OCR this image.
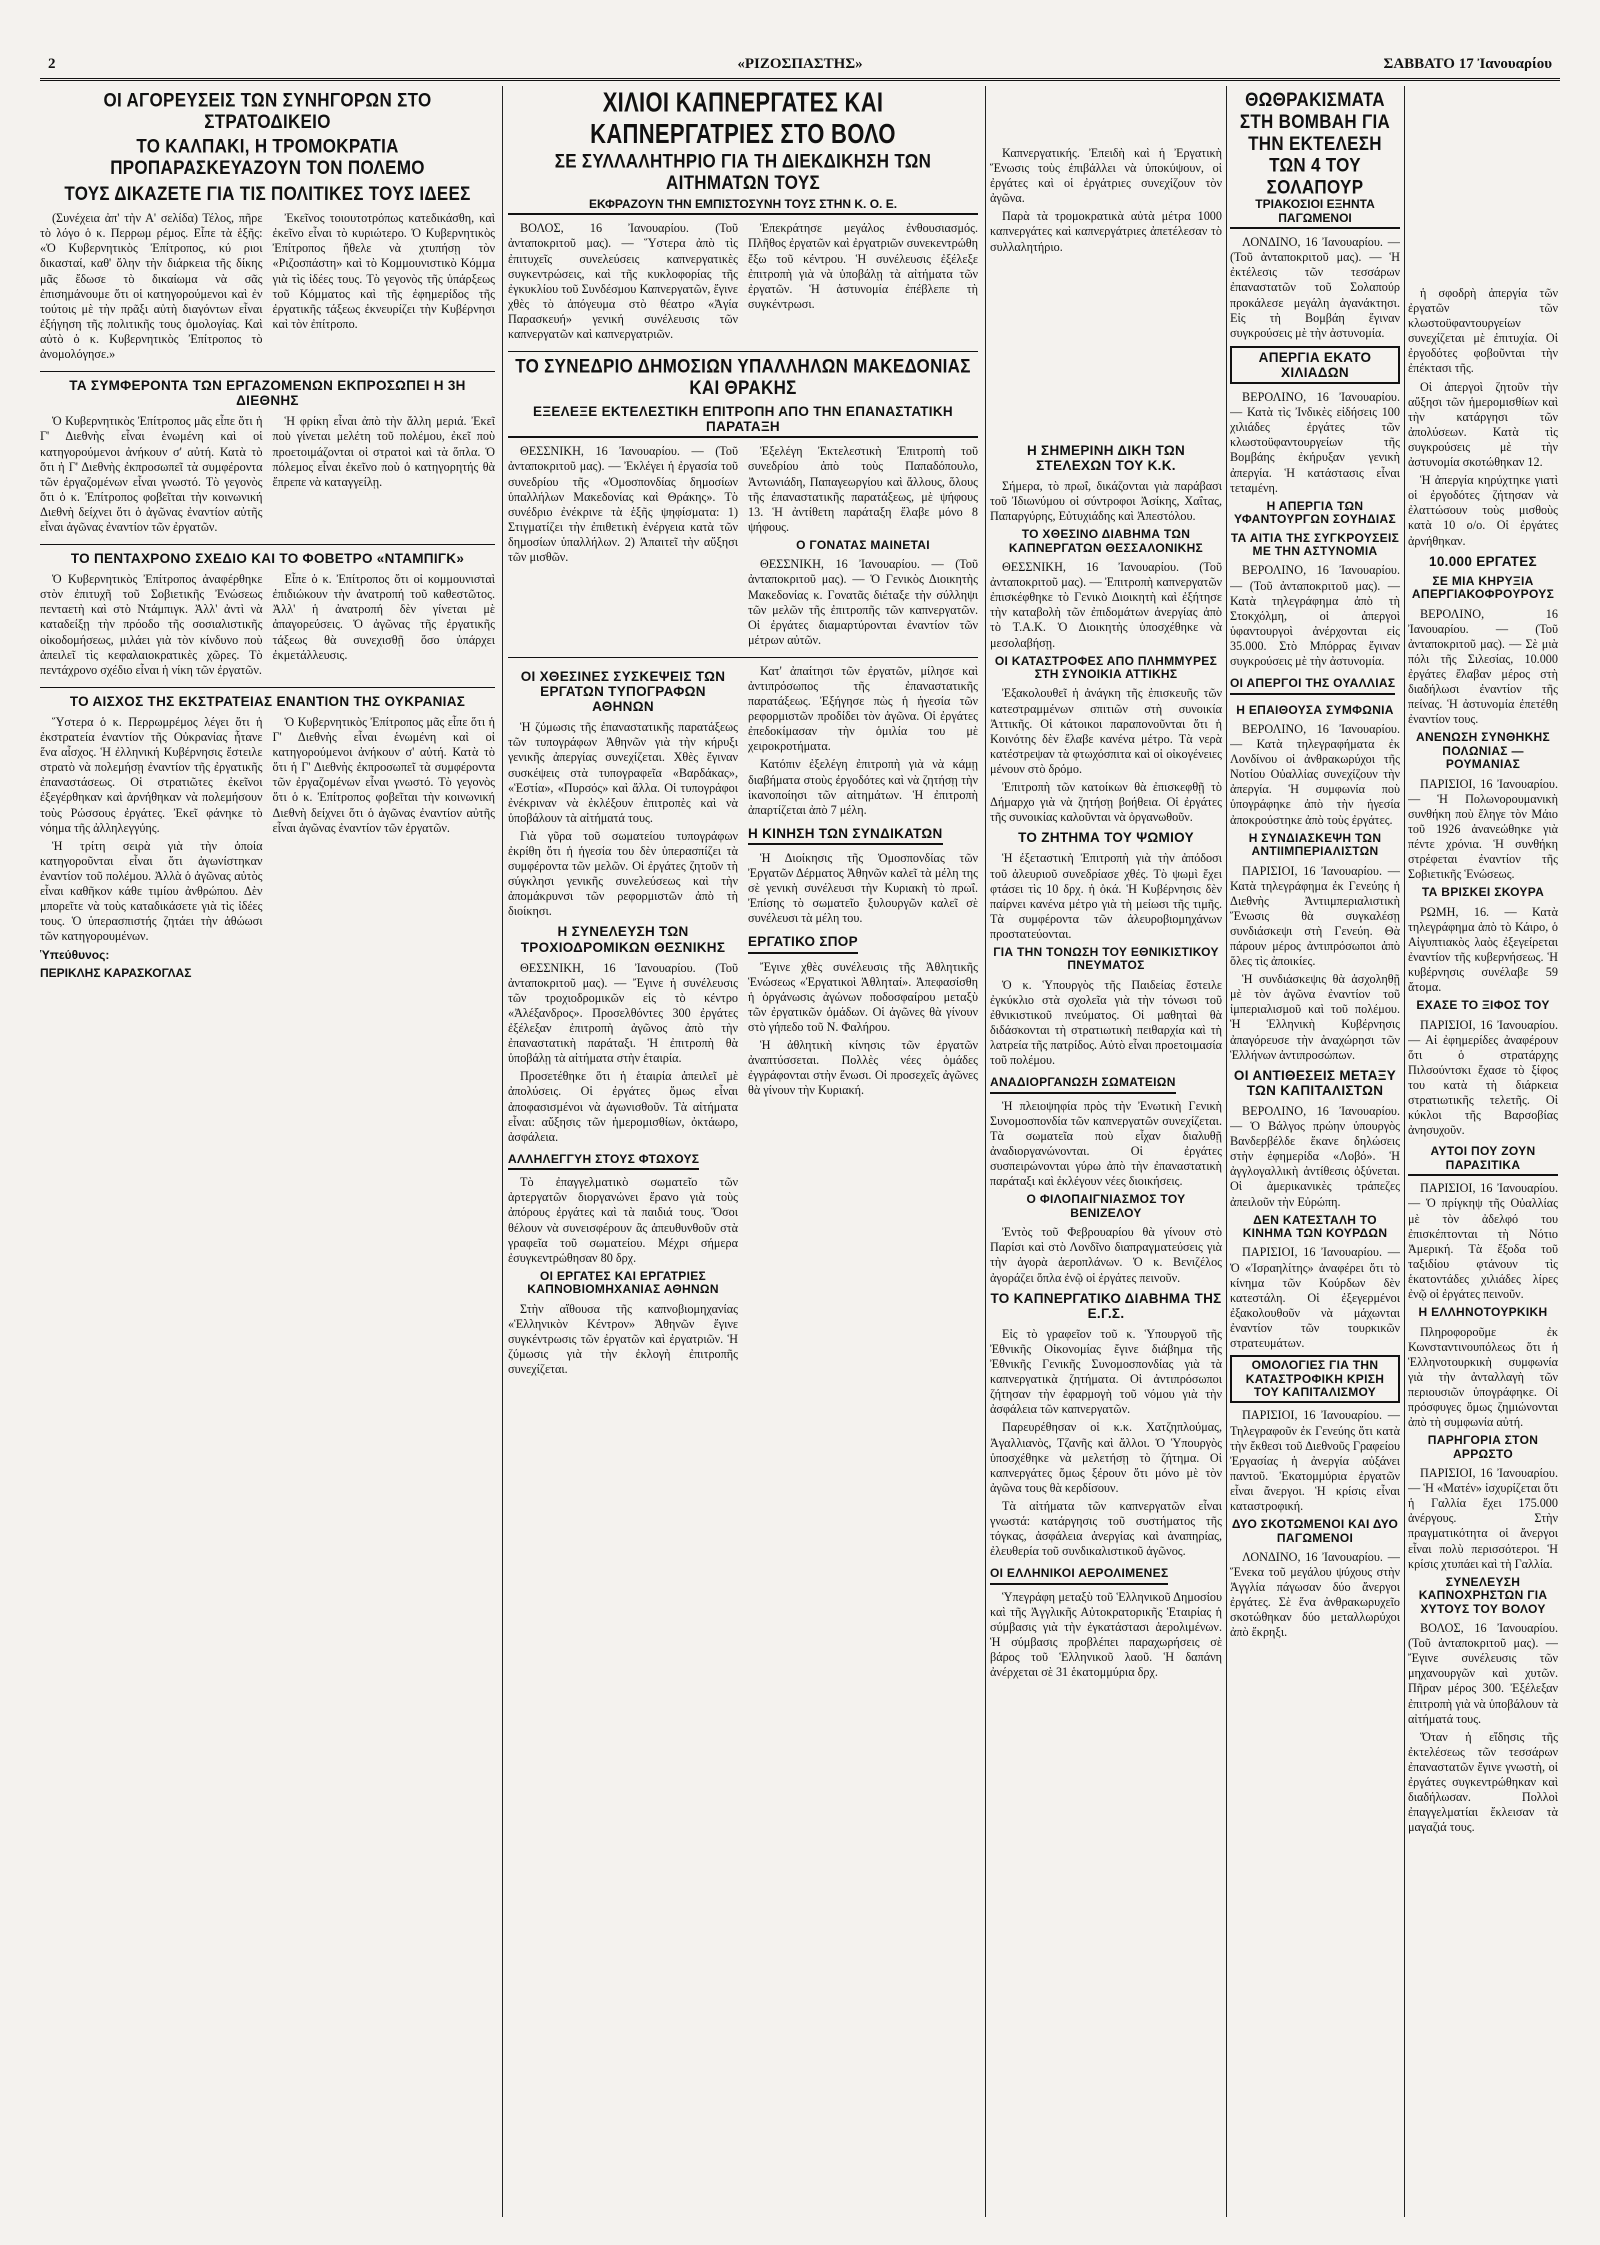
2	«ΡΙΖΟΣΠΑΣΤΗΣ»	ΣΑΒΒΑΤΟ 17 Ἰανουαρίου
ΟΙ ΑΓΟΡΕΥΣΕΙΣ ΤΩΝ ΣΥΝΗΓΟΡΩΝ ΣΤΟ ΣΤΡΑΤΟΔΙΚΕΙΟ
ΤΟ ΚΑΛΠΑΚΙ, Η ΤΡΟΜΟΚΡΑΤΙΑ ΠΡΟΠΑΡΑΣΚΕΥΑΖΟΥΝ ΤΟΝ ΠΟΛΕΜΟ
ΤΟΥΣ ΔΙΚΑΖΕΤΕ ΓΙΑ ΤΙΣ ΠΟΛΙΤΙΚΕΣ ΤΟΥΣ ΙΔΕΕΣ

(Συνέχεια ἀπ' τὴν Α' σελίδα) Τέλος, πῆρε τὸ λόγο ὁ κ. Περρωμ ρέμος. Εἶπε τὰ ἑξῆς: «Ὁ Κυβερνητικὸς Ἐπίτροπος, κύ ριοι δικασταί, καθ' ὅλην τὴν διάρκεια τῆς δίκης μᾶς ἔδωσε τὸ δικαίωμα νὰ σᾶς ἐπισημάνουμε ὅτι οἱ κατηγορούμενοι καὶ ἐν τούτοις μὲ τὴν πρᾶξι αὐτὴ διαγόντων εἶναι ἐξήγηση τῆς πολιτικῆς τους ὁμολογίας. Καὶ αὐτὸ ὁ κ. Κυβερνητικὸς Ἐπίτροπος τὸ ἀνομολόγησε.»

Ἐκεῖνος τοιουτοτρόπως κατεδικάσθη, καὶ ἐκεῖνο εἶναι τὸ κυριώτερο. Ὁ Κυβερνητικὸς Ἐπίτροπος ἤθελε νὰ χτυπήσῃ τὸν «Ριζοσπάστη» καὶ τὸ Κομμουνιστικὸ Κόμμα γιὰ τὶς ἰδέες τους. Τὸ γεγονὸς τῆς ὑπάρξεως τοῦ Κόμματος καὶ τῆς ἐφημερίδος τῆς ἐργατικῆς τάξεως ἐκνευρίζει τὴν Κυβέρνησι καὶ τὸν ἐπίτροπο.

ΤΑ ΣΥΜΦΕΡΟΝΤΑ ΤΩΝ ΕΡΓΑΖΟΜΕΝΩΝ ΕΚΠΡΟΣΩΠΕΙ Η 3Η ΔΙΕΘΝΗΣ

Ὁ Κυβερνητικὸς Ἐπίτροπος μᾶς εἶπε ὅτι ἡ Γ' Διεθνὴς εἶναι ἑνωμένη καὶ οἱ κατηγορούμενοι ἀνήκουν σ' αὐτή. Κατὰ τὸ ὅτι ἡ Γ' Διεθνὴς ἐκπροσωπεῖ τὰ συμφέροντα τῶν ἐργαζομένων εἶναι γνωστό. Τὸ γεγονὸς ὅτι ὁ κ. Ἐπίτροπος φοβεῖται τὴν κοινωνική Διεθνὴ δείχνει ὅτι ὁ ἀγῶνας ἐναντίον αὐτῆς εἶναι ἀγῶνας ἐναντίον τῶν ἐργατῶν.

Ἡ φρίκη εἶναι ἀπὸ τὴν ἄλλη μεριά. Ἐκεῖ ποὺ γίνεται μελέτη τοῦ πολέμου, ἐκεῖ ποὺ προετοιμάζονται οἱ στρατοὶ καὶ τὰ ὅπλα. Ὁ πόλεμος εἶναι ἐκεῖνο ποὺ ὁ κατηγορητής θὰ ἔπρεπε νὰ καταγγείλῃ.

ΤΟ ΠΕΝΤΑΧΡΟΝΟ ΣΧΕΔΙΟ ΚΑΙ ΤΟ ΦΟΒΕΤΡΟ «ΝΤΑΜΠΙΓΚ»

Ὁ Κυβερνητικὸς Ἐπίτροπος ἀναφέρθηκε στὸν ἐπιτυχῆ τοῦ Σοβιετικῆς Ἐνώσεως πενταετὴ καὶ στὸ Ντάμπιγκ. Ἀλλ' ἀντὶ νὰ καταδείξῃ τὴν πρόοδο τῆς σοσιαλιστικῆς οἰκοδομήσεως, μιλάει γιὰ τὸν κίνδυνο ποὺ ἀπειλεῖ τὶς κεφαλαιοκρατικὲς χῶρες. Τὸ πεντάχρονο σχέδιο εἶναι ἡ νίκη τῶν ἐργατῶν.

Εἶπε ὁ κ. Ἐπίτροπος ὅτι οἱ κομμουνισταὶ ἐπιδιώκουν τὴν ἀνατροπή τοῦ καθεστῶτος. Ἀλλ' ἡ ἀνατροπή δὲν γίνεται μὲ ἀπαγορεύσεις. Ὁ ἀγῶνας τῆς ἐργατικῆς τάξεως θὰ συνεχισθῇ ὅσο ὑπάρχει ἐκμετάλλευσις.

ΤΟ ΑΙΣΧΟΣ ΤΗΣ ΕΚΣΤΡΑΤΕΙΑΣ ΕΝΑΝΤΙΟΝ ΤΗΣ ΟΥΚΡΑΝΙΑΣ

Ὕστερα ὁ κ. Περρωμρέμος λέγει ὅτι ἡ ἐκστρατεία ἐναντίον τῆς Οὐκρανίας ἦτανε ἕνα αἶσχος. Ἡ ἐλληνική Κυβέρνησις ἔστειλε στρατὸ νὰ πολεμήσῃ ἐναντίον τῆς ἐργατικῆς ἐπαναστάσεως. Οἱ στρατιῶτες ἐκεῖνοι ἐξεγέρθηκαν καὶ ἀρνήθηκαν νὰ πολεμήσουν τοὺς Ρώσσους ἐργάτες. Ἐκεῖ φάνηκε τὸ νόημα τῆς ἀλληλεγγύης.

Ἡ τρίτη σειρὰ γιὰ τὴν ὁποία κατηγοροῦνται εἶναι ὅτι ἀγωνίστηκαν ἐναντίον τοῦ πολέμου. Ἀλλὰ ὁ ἀγῶνας αὐτὸς εἶναι καθῆκον κάθε τιμίου ἀνθρώπου. Δὲν μπορεῖτε νὰ τοὺς καταδικάσετε γιὰ τὶς ἰδέες τους. Ὁ ὑπερασπιστής ζητάει τὴν ἀθώωσι τῶν κατηγορουμένων.

Ὑπεύθυνος:
ΠΕΡΙΚΛΗΣ ΚΑΡΑΣΚΟΓΛΑΣ

Ὁ Κυβερνητικὸς Ἐπίτροπος μᾶς εἶπε ὅτι ἡ Γ' Διεθνὴς εἶναι ἑνωμένη καὶ οἱ κατηγορούμενοι ἀνήκουν σ' αὐτή. Κατὰ τὸ ὅτι ἡ Γ' Διεθνὴς ἐκπροσωπεῖ τὰ συμφέροντα τῶν ἐργαζομένων εἶναι γνωστό. Τὸ γεγονὸς ὅτι ὁ κ. Ἐπίτροπος φοβεῖται τὴν κοινωνική Διεθνὴ δείχνει ὅτι ὁ ἀγῶνας ἐναντίον αὐτῆς εἶναι ἀγῶνας ἐναντίον τῶν ἐργατῶν.

ΧΙΛΙΟΙ ΚΑΠΝΕΡΓΑΤΕΣ ΚΑΙ ΚΑΠΝΕΡΓΑΤΡΙΕΣ ΣΤΟ ΒΟΛΟ
ΣΕ ΣΥΛΛΑΛΗΤΗΡΙΟ ΓΙΑ ΤΗ ΔΙΕΚΔΙΚΗΣΗ ΤΩΝ ΑΙΤΗΜΑΤΩΝ ΤΟΥΣ
ΕΚΦΡΑΖΟΥΝ ΤΗΝ ΕΜΠΙΣΤΟΣΥΝΗ ΤΟΥΣ ΣΤΗΝ Κ. Ο. Ε.

ΒΟΛΟΣ, 16 Ἰανουαρίου. (Τοῦ ἀνταποκριτοῦ μας). — Ὕστερα ἀπὸ τὶς ἐπιτυχεῖς συνελεύσεις καπνεργατικὲς συγκεντρώσεις, καὶ τῆς κυκλοφορίας τῆς ἐγκυκλίου τοῦ Συνδέσμου Καπνεργατῶν, ἔγινε χθὲς τὸ ἀπόγευμα στὸ θέατρο «Ἀγία Παρασκευή» γενική συνέλευσις τῶν καπνεργατῶν καὶ καπνεργατριῶν.

Ἐπεκράτησε μεγάλος ἐνθουσιασμός. Πλῆθος ἐργατῶν καὶ ἐργατριῶν συνεκεντρώθη ἔξω τοῦ κέντρου. Ἡ συνέλευσις ἐξέλεξε ἐπιτροπὴ γιὰ νὰ ὑποβάλῃ τὰ αἰτήματα τῶν ἐργατῶν. Ἡ ἀστυνομία ἐπέβλεπε τὴ συγκέντρωσι.

ΤΟ ΣΥΝΕΔΡΙΟ ΔΗΜΟΣΙΩΝ ΥΠΑΛΛΗΛΩΝ ΜΑΚΕΔΟΝΙΑΣ ΚΑΙ ΘΡΑΚΗΣ
ΕΞΕΛΕΞΕ ΕΚΤΕΛΕΣΤΙΚΗ ΕΠΙΤΡΟΠΗ ΑΠΟ ΤΗΝ ΕΠΑΝΑΣΤΑΤΙΚΗ ΠΑΡΑΤΑΞΗ

ΘΕΣΣΝΙΚΗ, 16 Ἰανουαρίου. — (Τοῦ ἀνταποκριτοῦ μας). — Ἐκλέγει ἡ ἐργασία τοῦ συνεδρίου τῆς «Ὁμοσπονδίας δημοσίων ὑπαλλήλων Μακεδονίας καὶ Θράκης». Τὸ συνέδριο ἐνέκρινε τὰ ἑξῆς ψηφίσματα: 1) Στιγματίζει τὴν ἐπιθετικὴ ἐνέργεια κατὰ τῶν δημοσίων ὑπαλλήλων. 2) Ἀπαιτεῖ τὴν αὔξησι τῶν μισθῶν.

Ἐξελέγη Ἐκτελεστικὴ Ἐπιτροπὴ τοῦ συνεδρίου ἀπὸ τοὺς Παπαδόπουλο, Ἀντωνιάδη, Παπαγεωργίου καὶ ἄλλους, ὅλους τῆς ἐπαναστατικῆς παρατάξεως, μὲ ψήφους 13. Ἡ ἀντίθετη παράταξη ἔλαβε μόνο 8 ψήφους.

Ο ΓΟΝΑΤΑΣ ΜΑΙΝΕΤΑΙ

ΘΕΣΣΝΙΚΗ, 16 Ἰανουαρίου. — (Τοῦ ἀνταποκριτοῦ μας). — Ὁ Γενικὸς Διοικητὴς Μακεδονίας κ. Γονατᾶς διέταξε τὴν σύλληψι τῶν μελῶν τῆς ἐπιτροπῆς τῶν καπνεργατῶν. Οἱ ἐργάτες διαμαρτύρονται ἐναντίον τῶν μέτρων αὐτῶν.

ΟΙ ΧΘΕΣΙΝΕΣ ΣΥΣΚΕΨΕΙΣ ΤΩΝ ΕΡΓΑΤΩΝ ΤΥΠΟΓΡΑΦΩΝ ΑΘΗΝΩΝ

Ἡ ζύμωσις τῆς ἐπαναστατικῆς παρατάξεως τῶν τυπογράφων Ἀθηνῶν γιὰ τὴν κήρυξι γενικῆς ἀπεργίας συνεχίζεται. Χθὲς ἔγιναν συσκέψεις στὰ τυπογραφεῖα «Βαρδάκας», «Ἑστία», «Πυρσός» καὶ ἄλλα. Οἱ τυπογράφοι ἐνέκριναν νὰ ἐκλέξουν ἐπιτροπὲς καὶ νὰ ὑποβάλουν τὰ αἰτήματά τους.

Γιὰ γῦρα τοῦ σωματείου τυπογράφων ἐκρίθη ὅτι ἡ ἡγεσία του δὲν ὑπερασπίζει τὰ συμφέροντα τῶν μελῶν. Οἱ ἐργάτες ζητοῦν τὴ σύγκλησι γενικῆς συνελεύσεως καὶ τὴν ἀπομάκρυνσι τῶν ρεφορμιστῶν ἀπὸ τὴ διοίκησι.

Η ΣΥΝΕΛΕΥΣΗ ΤΩΝ ΤΡΟΧΙΟΔΡΟΜΙΚΩΝ ΘΕΣΝΙΚΗΣ

ΘΕΣΣΝΙΚΗ, 16 Ἰανουαρίου. (Τοῦ ἀνταποκριτοῦ μας). — Ἔγινε ἡ συνέλευσις τῶν τροχιοδρομικῶν εἰς τὸ κέντρο «Ἀλέξανδρος». Προσελθόντες 300 ἐργάτες ἐξέλεξαν ἐπιτροπὴ ἀγῶνος ἀπὸ τὴν ἐπαναστατικὴ παράταξι. Ἡ ἐπιτροπὴ θὰ ὑποβάλῃ τὰ αἰτήματα στὴν ἑταιρία.

Προσετέθηκε ὅτι ἡ ἑταιρία ἀπειλεῖ μὲ ἀπολύσεις. Οἱ ἐργάτες ὅμως εἶναι ἀποφασισμένοι νὰ ἀγωνισθοῦν. Τὰ αἰτήματα εἶναι: αὔξησις τῶν ἡμερομισθίων, ὀκτάωρο, ἀσφάλεια.

ΑΛΛΗΛΕΓΓΥΗ ΣΤΟΥΣ ΦΤΩΧΟΥΣ

Τὸ ἐπαγγελματικὸ σωματεῖο τῶν ἀρτεργατῶν διοργανώνει ἔρανο γιὰ τοὺς ἀπόρους ἐργάτες καὶ τὰ παιδιά τους. Ὅσοι θέλουν νὰ συνεισφέρουν ἂς ἀπευθυνθοῦν στὰ γραφεῖα τοῦ σωματείου. Μέχρι σήμερα ἐσυγκεντρώθησαν 80 δρχ.

ΟΙ ΕΡΓΑΤΕΣ ΚΑΙ ΕΡΓΑΤΡΙΕΣ ΚΑΠΝΟΒΙΟΜΗΧΑΝΙΑΣ ΑΘΗΝΩΝ

Στὴν αἴθουσα τῆς καπνοβιομηχανίας «Ἑλληνικὸν Κέντρον» Ἀθηνῶν ἔγινε συγκέντρωσις τῶν ἐργατῶν καὶ ἐργατριῶν. Ἡ ζύμωσις γιὰ τὴν ἐκλογὴ ἐπιτροπῆς συνεχίζεται.

Κατ' ἀπαίτησι τῶν ἐργατῶν, μίλησε καὶ ἀντιπρόσωπος τῆς ἐπαναστατικῆς παρατάξεως. Ἐξήγησε πὼς ἡ ἡγεσία τῶν ρεφορμιστῶν προδίδει τὸν ἀγῶνα. Οἱ ἐργάτες ἐπεδοκίμασαν τὴν ὁμιλία του μὲ χειροκροτήματα.

Κατόπιν ἐξελέγη ἐπιτροπὴ γιὰ νὰ κάμῃ διαβήματα στοὺς ἐργοδότες καὶ νὰ ζητήσῃ τὴν ἱκανοποίησι τῶν αἰτημάτων. Ἡ ἐπιτροπὴ ἀπαρτίζεται ἀπὸ 7 μέλη.

Η ΚΙΝΗΣΗ ΤΩΝ ΣΥΝΔΙΚΑΤΩΝ

Ἡ Διοίκησις τῆς Ὁμοσπονδίας τῶν Ἐργατῶν Δέρματος Ἀθηνῶν καλεῖ τὰ μέλη της σὲ γενικὴ συνέλευσι τὴν Κυριακὴ τὸ πρωΐ. Ἐπίσης τὸ σωματεῖο ξυλουργῶν καλεῖ σὲ συνέλευσι τὰ μέλη του.

ΕΡΓΑΤΙΚΟ ΣΠΟΡ

Ἔγινε χθὲς συνέλευσις τῆς Ἀθλητικῆς Ἑνώσεως «Ἐργατικοὶ Ἀθληταί». Ἀπεφασίσθη ἡ ὀργάνωσις ἀγώνων ποδοσφαίρου μεταξὺ τῶν ἐργατικῶν ὁμάδων. Οἱ ἀγῶνες θὰ γίνουν στὸ γήπεδο τοῦ Ν. Φαλήρου.

Ἡ ἀθλητικὴ κίνησις τῶν ἐργατῶν ἀναπτύσσεται. Πολλὲς νέες ὁμάδες ἐγγράφονται στὴν ἕνωσι. Οἱ προσεχεῖς ἀγῶνες θὰ γίνουν τὴν Κυριακή.

Καπνεργατικής. Ἐπειδὴ καὶ ἡ Ἐργατικὴ Ἕνωσις τοὺς ἐπιβάλλει νὰ ὑποκύψουν, οἱ ἐργάτες καὶ οἱ ἐργάτριες συνεχίζουν τὸν ἀγῶνα.

Παρὰ τὰ τρομοκρατικὰ αὐτὰ μέτρα 1000 καπνεργάτες καὶ καπνεργάτριες ἀπετέλεσαν τὸ συλλαλητήριο.

Η ΣΗΜΕΡΙΝΗ ΔΙΚΗ ΤΩΝ ΣΤΕΛΕΧΩΝ ΤΟΥ Κ.Κ.

Σήμερα, τὸ πρωΐ, δικάζονται γιὰ παράβασι τοῦ Ἰδιωνύμου οἱ σύντροφοι Ἀσίκης, Χαΐτας, Παπαργύρης, Εὐτυχιάδης καὶ Ἀπεστόλου.

ΤΟ ΧΘΕΣΙΝΟ ΔΙΑΒΗΜΑ ΤΩΝ ΚΑΠΝΕΡΓΑΤΩΝ ΘΕΣΣΑΛΟΝΙΚΗΣ

ΘΕΣΣΝΙΚΗ, 16 Ἰανουαρίου. (Τοῦ ἀνταποκριτοῦ μας). — Ἐπιτροπὴ καπνεργατῶν ἐπισκέφθηκε τὸ Γενικὸ Διοικητὴ καὶ ἐξήτησε τὴν καταβολὴ τῶν ἐπιδομάτων ἀνεργίας ἀπὸ τὸ Τ.Α.Κ. Ὁ Διοικητὴς ὑποσχέθηκε νὰ μεσολαβήσῃ.

ΟΙ ΚΑΤΑΣΤΡΟΦΕΣ ΑΠΟ ΠΛΗΜΜΥΡΕΣ ΣΤΗ ΣΥΝΟΙΚΙΑ ΑΤΤΙΚΗΣ

Ἐξακολουθεῖ ἡ ἀνάγκη τῆς ἐπισκευῆς τῶν κατεστραμμένων σπιτιῶν στὴ συνοικία Ἀττικῆς. Οἱ κάτοικοι παραπονοῦνται ὅτι ἡ Κοινότης δὲν ἔλαβε κανένα μέτρο. Τὰ νερὰ κατέστρεψαν τὰ φτωχόσπιτα καὶ οἱ οἰκογένειες μένουν στὸ δρόμο.

Ἐπιτροπὴ τῶν κατοίκων θὰ ἐπισκεφθῇ τὸ Δήμαρχο γιὰ νὰ ζητήσῃ βοήθεια. Οἱ ἐργάτες τῆς συνοικίας καλοῦνται νὰ ὀργανωθοῦν.

ΤΟ ΖΗΤΗΜΑ ΤΟΥ ΨΩΜΙΟΥ

Ἡ ἐξεταστικὴ Ἐπιτροπὴ γιὰ τὴν ἀπόδοσι τοῦ ἀλευριοῦ συνεδρίασε χθές. Τὸ ψωμὶ ἔχει φτάσει τὶς 10 δρχ. ἡ ὀκά. Ἡ Κυβέρνησις δὲν παίρνει κανένα μέτρο γιὰ τὴ μείωσι τῆς τιμῆς. Τὰ συμφέροντα τῶν ἀλευροβιομηχάνων προστατεύονται.

ΓΙΑ ΤΗΝ ΤΟΝΩΣΗ ΤΟΥ ΕΘΝΙΚΙΣΤΙΚΟΥ ΠΝΕΥΜΑΤΟΣ

Ὁ κ. Ὑπουργὸς τῆς Παιδείας ἔστειλε ἐγκύκλιο στὰ σχολεῖα γιὰ τὴν τόνωσι τοῦ ἐθνικιστικοῦ πνεύματος. Οἱ μαθηταὶ θὰ διδάσκονται τὴ στρατιωτικὴ πειθαρχία καὶ τὴ λατρεία τῆς πατρίδος. Αὐτὸ εἶναι προετοιμασία τοῦ πολέμου.

ΑΝΑΔΙΟΡΓΑΝΩΣΗ ΣΩΜΑΤΕΙΩΝ

Ἡ πλειοψηφία πρὸς τὴν Ἐνωτικὴ Γενικὴ Συνομοσπονδία τῶν καπνεργατῶν συνεχίζεται. Τὰ σωματεῖα ποὺ εἶχαν διαλυθῇ ἀναδιοργανώνονται. Οἱ ἐργάτες συσπειρώνονται γύρω ἀπὸ τὴν ἐπαναστατικὴ παράταξι καὶ ἐκλέγουν νέες διοικήσεις.

Ο ΦΙΛΟΠΑΙΓΝΙΑΣΜΟΣ ΤΟΥ ΒΕΝΙΖΕΛΟΥ

Ἐντὸς τοῦ Φεβρουαρίου θὰ γίνουν στὸ Παρίσι καὶ στὸ Λονδῖνο διαπραγματεύσεις γιὰ τὴν ἀγορὰ ἀεροπλάνων. Ὁ κ. Βενιζέλος ἀγοράζει ὅπλα ἐνῷ οἱ ἐργάτες πεινοῦν.

ΤΟ ΚΑΠΝΕΡΓΑΤΙΚΟ ΔΙΑΒΗΜΑ ΤΗΣ Ε.Γ.Σ.

Εἰς τὸ γραφεῖον τοῦ κ. Ὑπουργοῦ τῆς Ἐθνικῆς Οἰκονομίας ἔγινε διάβημα τῆς Ἐθνικῆς Γενικῆς Συνομοσπονδίας γιὰ τὰ καπνεργατικὰ ζητήματα. Οἱ ἀντιπρόσωποι ζήτησαν τὴν ἐφαρμογὴ τοῦ νόμου γιὰ τὴν ἀσφάλεια τῶν καπνεργατῶν.

Παρευρέθησαν οἱ κ.κ. Χατζηπλούμας, Ἀγαλλιανὸς, Τζανῆς καὶ ἄλλοι. Ὁ Ὑπουργὸς ὑποσχέθηκε νὰ μελετήσῃ τὸ ζήτημα. Οἱ καπνεργάτες ὅμως ξέρουν ὅτι μόνο μὲ τὸν ἀγῶνα τους θὰ κερδίσουν.

Τὰ αἰτήματα τῶν καπνεργατῶν εἶναι γνωστά: κατάργησις τοῦ συστήματος τῆς τόγκας, ἀσφάλεια ἀνεργίας καὶ ἀναπηρίας, ἐλευθερία τοῦ συνδικαλιστικοῦ ἀγῶνος.

ΟΙ ΕΛΛΗΝΙΚΟΙ ΑΕΡΟΛΙΜΕΝΕΣ

Ὑπεγράφη μεταξὺ τοῦ Ἑλληνικοῦ Δημοσίου καὶ τῆς Ἀγγλικῆς Αὐτοκρατορικῆς Ἑταιρίας ἡ σύμβασις γιὰ τὴν ἐγκατάστασι ἀερολιμένων. Ἡ σύμβασις προβλέπει παραχωρήσεις σὲ βάρος τοῦ Ἑλληνικοῦ λαοῦ. Ἡ δαπάνη ἀνέρχεται σὲ 31 ἑκατομμύρια δρχ.

ΘΩΘΡΑΚΙΣΜΑΤΑ ΣΤΗ ΒΟΜΒΑΗ ΓΙΑ ΤΗΝ ΕΚΤΕΛΕΣΗ ΤΩΝ 4 ΤΟΥ ΣΟΛΑΠΟΥΡ
ΤΡΙΑΚΟΣΙΟΙ ΕΞΗΝΤΑ ΠΑΓΩΜΕΝΟΙ

ΛΟΝΔΙΝΟ, 16 Ἰανουαρίου. — (Τοῦ ἀνταποκριτοῦ μας). — Ἡ ἐκτέλεσις τῶν τεσσάρων ἐπαναστατῶν τοῦ Σολαπούρ προκάλεσε μεγάλη ἀγανάκτησι. Εἰς τὴ Βομβάη ἔγιναν συγκρούσεις μὲ τὴν ἀστυνομία.

ΑΠΕΡΓΙΑ ΕΚΑΤΟ ΧΙΛΙΑΔΩΝ

ΒΕΡΟΛΙΝΟ, 16 Ἰανουαρίου. — Κατὰ τὶς Ἰνδικὲς εἰδήσεις 100 χιλιάδες ἐργάτες τῶν κλωστοϋφαντουργείων τῆς Βομβάης ἐκήρυξαν γενικὴ ἀπεργία. Ἡ κατάστασις εἶναι τεταμένη.

Η ΑΠΕΡΓΙΑ ΤΩΝ ΥΦΑΝΤΟΥΡΓΩΝ ΣΟΥΗΔΙΑΣ
ΤΑ ΑΙΤΙΑ ΤΗΣ ΣΥΓΚΡΟΥΣΕΙΣ ΜΕ ΤΗΝ ΑΣΤΥΝΟΜΙΑ

ΒΕΡΟΛΙΝΟ, 16 Ἰανουαρίου. — (Τοῦ ἀνταποκριτοῦ μας). — Κατὰ τηλεγράφημα ἀπὸ τὴ Στοκχόλμη, οἱ ἀπεργοὶ ὑφαντουργοὶ ἀνέρχονται εἰς 35.000. Στὸ Μπόρρας ἔγιναν συγκρούσεις μὲ τὴν ἀστυνομία.

ΟΙ ΑΠΕΡΓΟΙ ΤΗΣ ΟΥΑΛΛΙΑΣ
Η ΕΠΑΙΘΟΥΣΑ ΣΥΜΦΩΝΙΑ

ΒΕΡΟΛΙΝΟ, 16 Ἰανουαρίου. — Κατὰ τηλεγραφήματα ἐκ Λονδίνου οἱ ἀνθρακωρύχοι τῆς Νοτίου Οὐαλλίας συνεχίζουν τὴν ἀπεργία. Ἡ συμφωνία ποὺ ὑπογράφηκε ἀπὸ τὴν ἡγεσία ἀποκρούστηκε ἀπὸ τοὺς ἐργάτες.

Η ΣΥΝΔΙΑΣΚΕΨΗ ΤΩΝ ΑΝΤΙΙΜΠΕΡΙΑΛΙΣΤΩΝ

ΠΑΡΙΣΙΟΙ, 16 Ἰανουαρίου. — Κατὰ τηλεγράφημα ἐκ Γενεύης ἡ Διεθνὴς Ἀντιιμπεριαλιστικὴ Ἕνωσις θὰ συγκαλέσῃ συνδιάσκεψι στὴ Γενεύη. Θὰ πάρουν μέρος ἀντιπρόσωποι ἀπὸ ὅλες τὶς ἀποικίες.

Ἡ συνδιάσκεψις θὰ ἀσχοληθῇ μὲ τὸν ἀγῶνα ἐναντίον τοῦ ἰμπεριαλισμοῦ καὶ τοῦ πολέμου. Ἡ Ἑλληνικὴ Κυβέρνησις ἀπαγόρευσε τὴν ἀναχώρησι τῶν Ἑλλήνων ἀντιπροσώπων.

ΟΙ ΑΝΤΙΘΕΣΕΙΣ ΜΕΤΑΞΥ ΤΩΝ ΚΑΠΙΤΑΛΙΣΤΩΝ

ΒΕΡΟΛΙΝΟ, 16 Ἰανουαρίου. — Ὁ Βάλγος πρώην ὑπουργὸς Βανδερβέλδε ἔκανε δηλώσεις στὴν ἐφημερίδα «Λοβό». Ἡ ἀγγλογαλλικὴ ἀντίθεσις ὀξύνεται. Οἱ ἀμερικανικὲς τράπεζες ἀπειλοῦν τὴν Εὐρώπη.

ΔΕΝ ΚΑΤΕΣΤΑΛΗ ΤΟ ΚΙΝΗΜΑ ΤΩΝ ΚΟΥΡΔΩΝ

ΠΑΡΙΣΙΟΙ, 16 Ἰανουαρίου. — Ὁ «Ἰσραηλίτης» ἀναφέρει ὅτι τὸ κίνημα τῶν Κούρδων δὲν κατεστάλη. Οἱ ἐξεγερμένοι ἐξακολουθοῦν νὰ μάχωνται ἐναντίον τῶν τουρκικῶν στρατευμάτων.

ΟΜΟΛΟΓΙΕΣ ΓΙΑ ΤΗΝ ΚΑΤΑΣΤΡΟΦΙΚΗ ΚΡΙΣΗ ΤΟΥ ΚΑΠΙΤΑΛΙΣΜΟΥ

ΠΑΡΙΣΙΟΙ, 16 Ἰανουαρίου. — Τηλεγραφοῦν ἐκ Γενεύης ὅτι κατὰ τὴν ἔκθεσι τοῦ Διεθνοῦς Γραφείου Ἐργασίας ἡ ἀνεργία αὐξάνει παντοῦ. Ἑκατομμύρια ἐργατῶν εἶναι ἄνεργοι. Ἡ κρίσις εἶναι καταστροφική.

ΔΥΟ ΣΚΟΤΩΜΕΝΟΙ ΚΑΙ ΔΥΟ ΠΑΓΩΜΕΝΟΙ

ΛΟΝΔΙΝΟ, 16 Ἰανουαρίου. — Ἕνεκα τοῦ μεγάλου ψύχους στὴν Ἀγγλία πάγωσαν δύο ἄνεργοι ἐργάτες. Σὲ ἕνα ἀνθρακωρυχεῖο σκοτώθηκαν δύο μεταλλωρύχοι ἀπὸ ἔκρηξι.

ἡ σφοδρὴ ἀπεργία τῶν ἐργατῶν τῶν κλωστοϋφαντουργείων συνεχίζεται μὲ ἐπιτυχία. Οἱ ἐργοδότες φοβοῦνται τὴν ἐπέκτασι τῆς.

Οἱ ἀπεργοὶ ζητοῦν τὴν αὔξησι τῶν ἡμερομισθίων καὶ τὴν κατάργησι τῶν ἀπολύσεων. Κατὰ τὶς συγκρούσεις μὲ τὴν ἀστυνομία σκοτώθηκαν 12.

Ἡ ἀπεργία κηρύχτηκε γιατὶ οἱ ἐργοδότες ζήτησαν νὰ ἐλαττώσουν τοὺς μισθοὺς κατὰ 10 ο/ο. Οἱ ἐργάτες ἀρνήθηκαν.

10.000 ΕΡΓΑΤΕΣ
ΣΕ ΜΙΑ ΚΗΡΥΞΙΑ ΑΠΕΡΓΙΑΚΟΦΡΟΥΡΟΥΣ

ΒΕΡΟΛΙΝΟ, 16 Ἰανουαρίου. — (Τοῦ ἀνταποκριτοῦ μας). — Σὲ μιὰ πόλι τῆς Σιλεσίας, 10.000 ἐργάτες ἔλαβαν μέρος στὴ διαδήλωσι ἐναντίον τῆς πείνας. Ἡ ἀστυνομία ἐπετέθη ἐναντίον τους.

ΑΝΕΝΩΣΗ ΣΥΝΘΗΚΗΣ ΠΟΛΩΝΙΑΣ — ΡΟΥΜΑΝΙΑΣ

ΠΑΡΙΣΙΟΙ, 16 Ἰανουαρίου. — Ἡ Πολωνορουμανικὴ συνθήκη ποὺ ἔληγε τὸν Μάιο τοῦ 1926 ἀνανεώθηκε γιὰ πέντε χρόνια. Ἡ συνθήκη στρέφεται ἐναντίον τῆς Σοβιετικῆς Ἑνώσεως.

ΤΑ ΒΡΙΣΚΕΙ ΣΚΟΥΡΑ

ΡΩΜΗ, 16. — Κατὰ τηλεγράφημα ἀπὸ τὸ Κάιρο, ὁ Αἰγυπτιακὸς λαὸς ἐξεγείρεται ἐναντίον τῆς κυβερνήσεως. Ἡ κυβέρνησις συνέλαβε 59 ἄτομα.

ΕΧΑΣΕ ΤΟ ΞΙΦΟΣ ΤΟΥ

ΠΑΡΙΣΙΟΙ, 16 Ἰανουαρίου. — Αἱ ἐφημερίδες ἀναφέρουν ὅτι ὁ στρατάρχης Πιλσούντσκι ἔχασε τὸ ξίφος του κατὰ τὴ διάρκεια στρατιωτικῆς τελετῆς. Οἱ κύκλοι τῆς Βαρσοβίας ἀνησυχοῦν.

ΑΥΤΟΙ ΠΟΥ ΖΟΥΝ ΠΑΡΑΣΙΤΙΚΑ

ΠΑΡΙΣΙΟΙ, 16 Ἰανουαρίου. — Ὁ πρίγκηψ τῆς Οὐαλλίας μὲ τὸν ἀδελφό του ἐπισκέπτονται τὴ Νότιο Ἀμερική. Τὰ ἔξοδα τοῦ ταξιδίου φτάνουν τὶς ἑκατοντάδες χιλιάδες λίρες ἐνῷ οἱ ἐργάτες πεινοῦν.

Η ΕΛΛΗΝΟΤΟΥΡΚΙΚΗ

Πληροφοροῦμε ἐκ Κωνσταντινουπόλεως ὅτι ἡ Ἑλληνοτουρκικὴ συμφωνία γιὰ τὴν ἀνταλλαγὴ τῶν περιουσιῶν ὑπογράφηκε. Οἱ πρόσφυγες ὅμως ζημιώνονται ἀπὸ τὴ συμφωνία αὐτή.

ΠΑΡΗΓΟΡΙΑ ΣΤΟΝ ΑΡΡΩΣΤΟ

ΠΑΡΙΣΙΟΙ, 16 Ἰανουαρίου. — Ἡ «Ματέν» ἰσχυρίζεται ὅτι ἡ Γαλλία ἔχει 175.000 ἀνέργους. Στὴν πραγματικότητα οἱ ἄνεργοι εἶναι πολὺ περισσότεροι. Ἡ κρίσις χτυπάει καὶ τὴ Γαλλία.

ΣΥΝΕΛΕΥΣΗ ΚΑΠΝΟΧΡΗΣΤΩΝ ΓΙΑ ΧΥΤΟΥΣ ΤΟΥ ΒΟΛΟΥ

ΒΟΛΟΣ, 16 Ἰανουαρίου. (Τοῦ ἀνταποκριτοῦ μας). — Ἔγινε συνέλευσις τῶν μηχανουργῶν καὶ χυτῶν. Πῆραν μέρος 300. Ἐξέλεξαν ἐπιτροπὴ γιὰ νὰ ὑποβάλουν τὰ αἰτήματά τους.

Ὅταν ἡ εἴδησις τῆς ἐκτελέσεως τῶν τεσσάρων ἐπαναστατῶν ἔγινε γνωστὴ, οἱ ἐργάτες συγκεντρώθηκαν καὶ διαδήλωσαν. Πολλοὶ ἐπαγγελματίαι ἔκλεισαν τὰ μαγαζιά τους.
